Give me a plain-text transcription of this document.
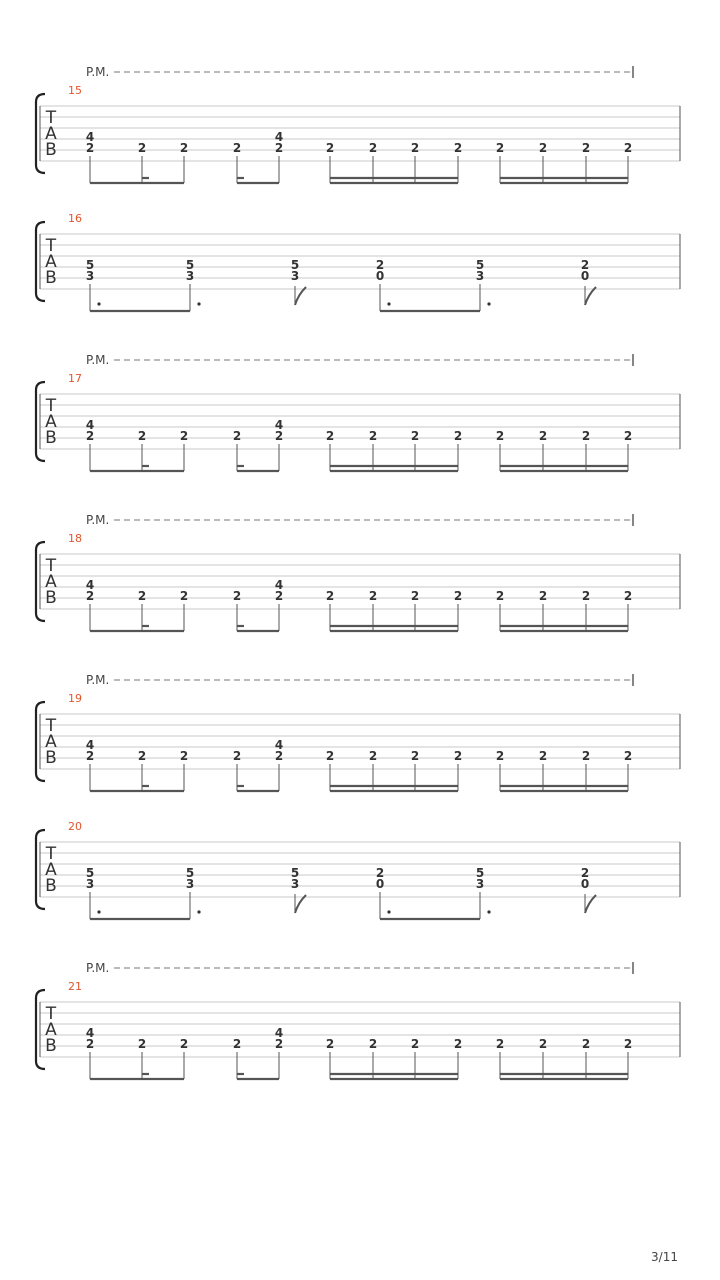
P.M.
15
T
A
B
4
2	2	2	2
4
2	2	2	2	2	2	2	2	2
16
T
A
B
5
3
5
3
5
3
2
0
5
3
2
0
P.M.
17
T
A
B
4
2	2	2	2
4
2	2	2	2	2	2	2	2	2
P.M.
18
T
A
B
4
2	2	2	2
4
2	2	2	2	2	2	2	2	2
P.M.
19
T
A
B
4
2	2	2	2
4
2	2	2	2	2	2	2	2	2
20
T
A
B
5
3
5
3
5
3
2
0
5
3
2
0
P.M.
21
T
A
B
4
2	2	2	2
4
2	2	2	2	2	2	2	2	2
3/11
